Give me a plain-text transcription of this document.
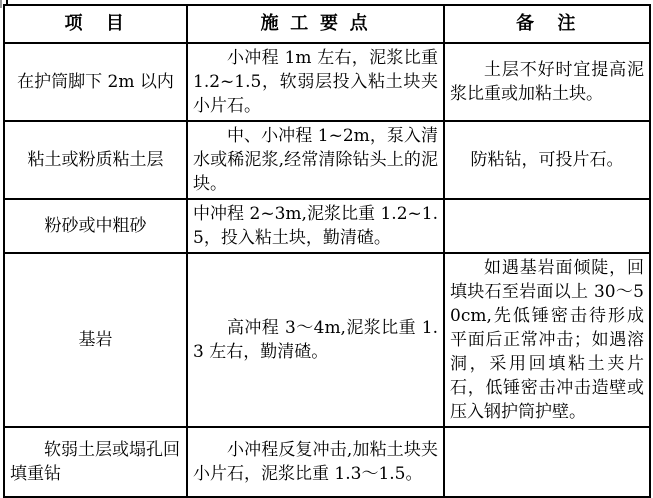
项　目	施 工 要 点	备　注
在护筒脚下 2m 以内	小冲程 1m 左右，泥浆比重 1.2~1.5，软弱层投入粘土块夹小片石。	土层不好时宜提高泥浆比重或加粘土块。

粘土或粉质粘土层	中、小冲程 1~2m，泵入清水或稀泥浆,经常清除钻头上的泥块。	防粘钻，可投片石。
粉砂或中粗砂	中冲程 2~3m,泥浆比重 1.2~1.5，投入粘土块，勤清碴。	

基岩	高冲程 3～4m,泥浆比重 1.3 左右，勤清碴。	如遇基岩面倾陡，回填块石至岩面以上 30～50cm,先低锤密击待形成平面后正常冲击；如遇溶洞，采用回填粘土夹片石，低锤密击冲击造壁或压入钢护筒护壁。

软弱土层或塌孔回填重钻	小冲程反复冲击,加粘土块夹小片石，泥浆比重 1.3～1.5。	
